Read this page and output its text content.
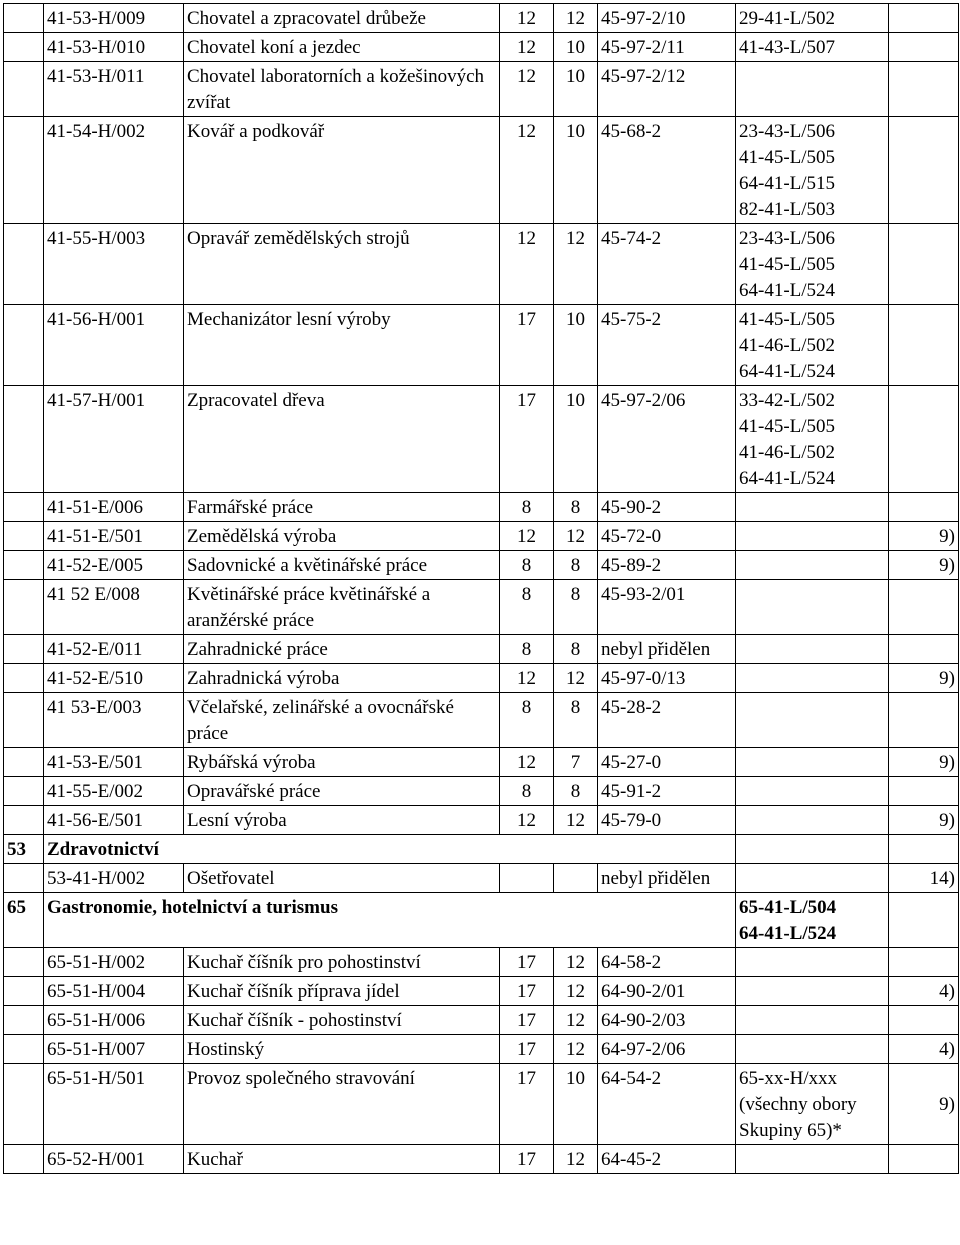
	41-53-H/009	Chovatel a zpracovatel drůbeže	12	12	45-97-2/10	29-41-L/502	

	41-53-H/010	Chovatel koní a jezdec	12	10	45-97-2/11	41-43-L/507	

	41-53-H/011	Chovatel laboratorních a kožešinových zvířat	12	10	45-97-2/12		
	41-54-H/002	Kovář a podkovář	12	10	45-68-2	23-43-L/506
41-45-L/505
64-41-L/515
82-41-L/503	

	41-55-H/003	Opravář zemědělských strojů	12	12	45-74-2	23-43-L/506
41-45-L/505
64-41-L/524	

	41-56-H/001	Mechanizátor lesní výroby	17	10	45-75-2	41-45-L/505
41-46-L/502
64-41-L/524	

	41-57-H/001	Zpracovatel dřeva	17	10	45-97-2/06	33-42-L/502
41-45-L/505
41-46-L/502
64-41-L/524	

	41-51-E/006	Farmářské práce	8	8	45-90-2		
	41-51-E/501	Zemědělská výroba	12	12	45-72-0		9)
	41-52-E/005	Sadovnické a květinářské práce	8	8	45-89-2		9)
	41 52 E/008	Květinářské práce květinářské a aranžérské práce	8	8	45-93-2/01		
	41-52-E/011	Zahradnické práce	8	8	nebyl přidělen		
	41-52-E/510	Zahradnická výroba	12	12	45-97-0/13		9)
	41 53-E/003	Včelařské, zelinářské a ovocnářské práce	8	8	45-28-2		
	41-53-E/501	Rybářská výroba	12	7	45-27-0		9)
	41-55-E/002	Opravářské práce	8	8	45-91-2		
	41-56-E/501	Lesní výroba	12	12	45-79-0		9)
53	Zdravotnictví						
	53-41-H/002	Ošetřovatel			nebyl přidělen		14)
65	Gastronomie, hotelnictví a turismus					65-41-L/504
64-41-L/524	

	65-51-H/002	Kuchař číšník pro pohostinství	17	12	64-58-2		
	65-51-H/004	Kuchař číšník příprava jídel	17	12	64-90-2/01		4)
	65-51-H/006	Kuchař číšník - pohostinství	17	12	64-90-2/03		
	65-51-H/007	Hostinský	17	12	64-97-2/06		4)
	65-51-H/501	Provoz společného stravování	17	10	64-54-2	65-xx-H/xxx
(všechny obory
Skupiny 65)*	9)
	65-52-H/001	Kuchař	17	12	64-45-2		
